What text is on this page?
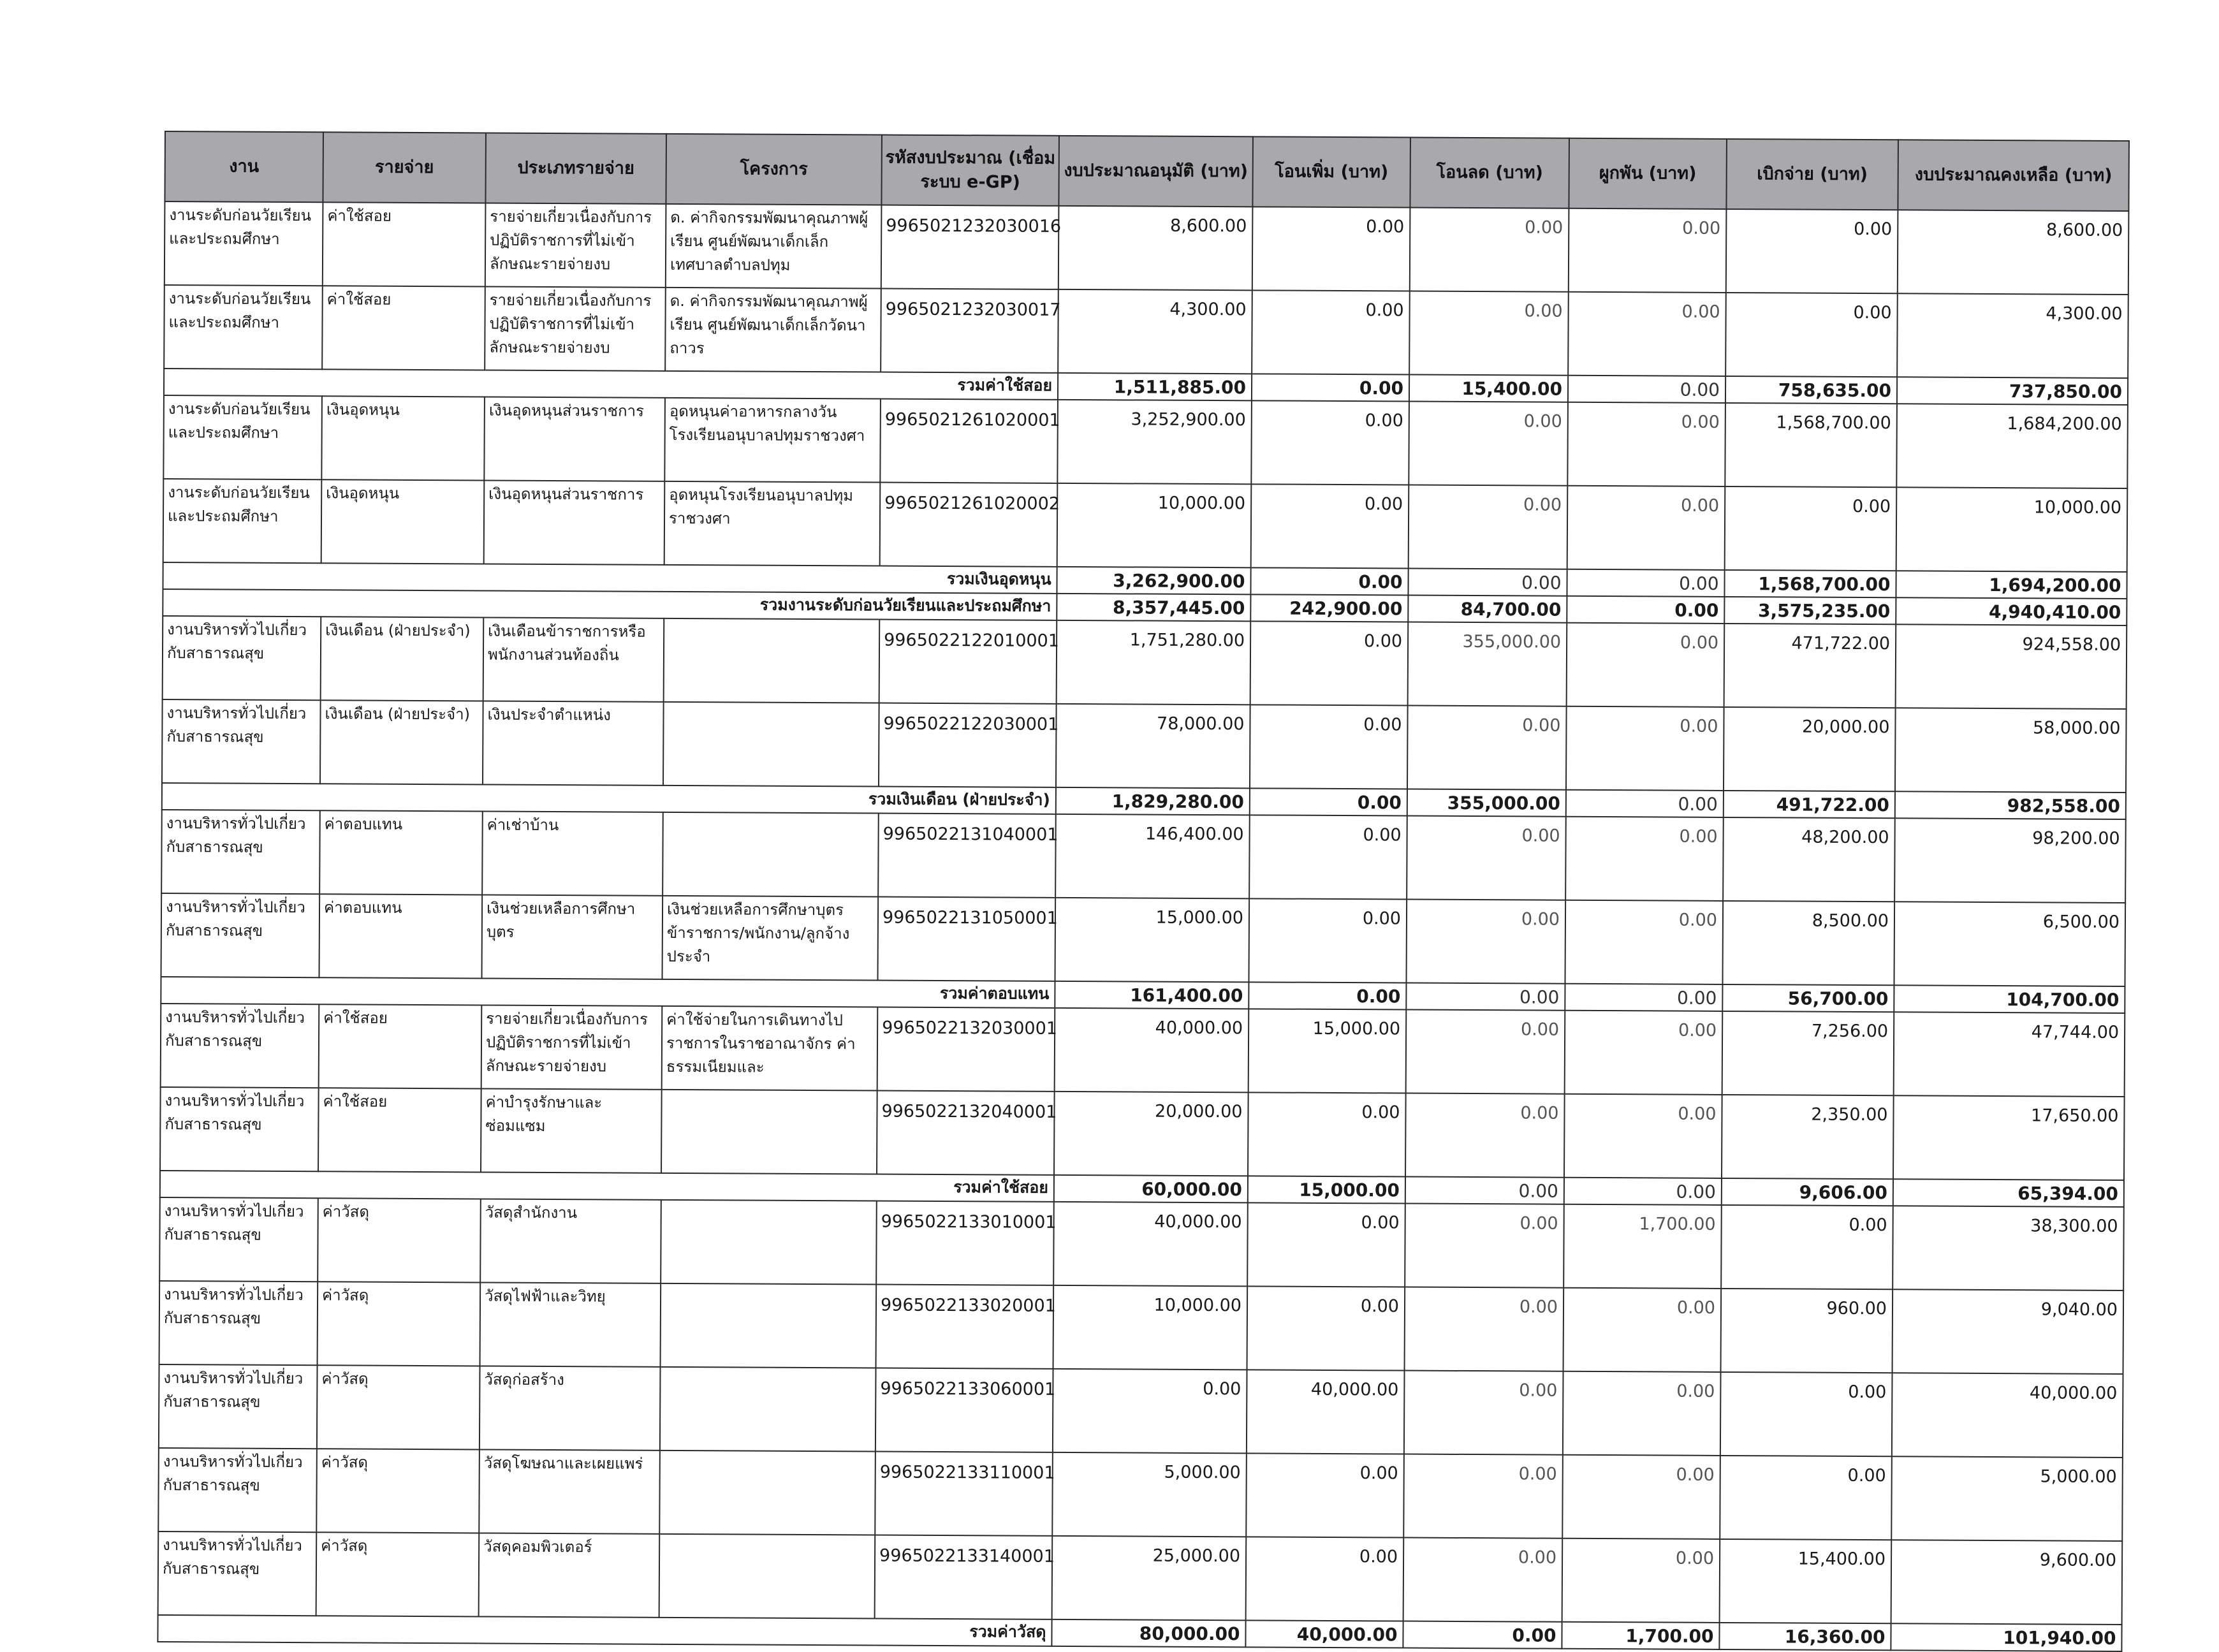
งาน	รายจ่าย	ประเภทรายจ่าย	โครงการ	รหัสงบประมาณ (เชื่อมระบบ e-GP)	งบประมาณอนุมัติ (บาท)	โอนเพิ่ม (บาท)	โอนลด (บาท)	ผูกพัน (บาท)	เบิกจ่าย (บาท)	งบประมาณคงเหลือ (บาท)
งานระดับก่อนวัยเรียนและประถมศึกษา	ค่าใช้สอย	รายจ่ายเกี่ยวเนื่องกับการปฏิบัติราชการที่ไม่เข้าลักษณะรายจ่ายงบ	ด. ค่ากิจกรรมพัฒนาคุณภาพผู้เรียน ศูนย์พัฒนาเด็กเล็กเทศบาลตำบลปทุม	9965021232030016	8,600.00	0.00	0.00	0.00	0.00	8,600.00
งานระดับก่อนวัยเรียนและประถมศึกษา	ค่าใช้สอย	รายจ่ายเกี่ยวเนื่องกับการปฏิบัติราชการที่ไม่เข้าลักษณะรายจ่ายงบ	ด. ค่ากิจกรรมพัฒนาคุณภาพผู้เรียน ศูนย์พัฒนาเด็กเล็กวัดนาถาวร	9965021232030017	4,300.00	0.00	0.00	0.00	0.00	4,300.00
รวมค่าใช้สอย					1,511,885.00	0.00	15,400.00	0.00	758,635.00	737,850.00
งานระดับก่อนวัยเรียนและประถมศึกษา	เงินอุดหนุน	เงินอุดหนุนส่วนราชการ	อุดหนุนค่าอาหารกลางวันโรงเรียนอนุบาลปทุมราชวงศา	9965021261020001	3,252,900.00	0.00	0.00	0.00	1,568,700.00	1,684,200.00
งานระดับก่อนวัยเรียนและประถมศึกษา	เงินอุดหนุน	เงินอุดหนุนส่วนราชการ	อุดหนุนโรงเรียนอนุบาลปทุมราชวงศา	9965021261020002	10,000.00	0.00	0.00	0.00	0.00	10,000.00
รวมเงินอุดหนุน					3,262,900.00	0.00	0.00	0.00	1,568,700.00	1,694,200.00
รวมงานระดับก่อนวัยเรียนและประถมศึกษา					8,357,445.00	242,900.00	84,700.00	0.00	3,575,235.00	4,940,410.00
งานบริหารทั่วไปเกี่ยวกับสาธารณสุข	เงินเดือน (ฝ่ายประจำ)	เงินเดือนข้าราชการหรือพนักงานส่วนท้องถิ่น		9965022122010001	1,751,280.00	0.00	355,000.00	0.00	471,722.00	924,558.00
งานบริหารทั่วไปเกี่ยวกับสาธารณสุข	เงินเดือน (ฝ่ายประจำ)	เงินประจำตำแหน่ง		9965022122030001	78,000.00	0.00	0.00	0.00	20,000.00	58,000.00
รวมเงินเดือน (ฝ่ายประจำ)					1,829,280.00	0.00	355,000.00	0.00	491,722.00	982,558.00
งานบริหารทั่วไปเกี่ยวกับสาธารณสุข	ค่าตอบแทน	ค่าเช่าบ้าน		9965022131040001	146,400.00	0.00	0.00	0.00	48,200.00	98,200.00
งานบริหารทั่วไปเกี่ยวกับสาธารณสุข	ค่าตอบแทน	เงินช่วยเหลือการศึกษาบุตร	เงินช่วยเหลือการศึกษาบุตรข้าราชการ/พนักงาน/ลูกจ้างประจำ	9965022131050001	15,000.00	0.00	0.00	0.00	8,500.00	6,500.00
รวมค่าตอบแทน					161,400.00	0.00	0.00	0.00	56,700.00	104,700.00
งานบริหารทั่วไปเกี่ยวกับสาธารณสุข	ค่าใช้สอย	รายจ่ายเกี่ยวเนื่องกับการปฏิบัติราชการที่ไม่เข้าลักษณะรายจ่ายงบ	ค่าใช้จ่ายในการเดินทางไปราชการในราชอาณาจักร ค่าธรรมเนียมและ	9965022132030001	40,000.00	15,000.00	0.00	0.00	7,256.00	47,744.00
งานบริหารทั่วไปเกี่ยวกับสาธารณสุข	ค่าใช้สอย	ค่าบำรุงรักษาและซ่อมแซม		9965022132040001	20,000.00	0.00	0.00	0.00	2,350.00	17,650.00
รวมค่าใช้สอย					60,000.00	15,000.00	0.00	0.00	9,606.00	65,394.00
งานบริหารทั่วไปเกี่ยวกับสาธารณสุข	ค่าวัสดุ	วัสดุสำนักงาน		9965022133010001	40,000.00	0.00	0.00	1,700.00	0.00	38,300.00
งานบริหารทั่วไปเกี่ยวกับสาธารณสุข	ค่าวัสดุ	วัสดุไฟฟ้าและวิทยุ		9965022133020001	10,000.00	0.00	0.00	0.00	960.00	9,040.00
งานบริหารทั่วไปเกี่ยวกับสาธารณสุข	ค่าวัสดุ	วัสดุก่อสร้าง		9965022133060001	0.00	40,000.00	0.00	0.00	0.00	40,000.00
งานบริหารทั่วไปเกี่ยวกับสาธารณสุข	ค่าวัสดุ	วัสดุโฆษณาและเผยแพร่		9965022133110001	5,000.00	0.00	0.00	0.00	0.00	5,000.00
งานบริหารทั่วไปเกี่ยวกับสาธารณสุข	ค่าวัสดุ	วัสดุคอมพิวเตอร์		9965022133140001	25,000.00	0.00	0.00	0.00	15,400.00	9,600.00
รวมค่าวัสดุ					80,000.00	40,000.00	0.00	1,700.00	16,360.00	101,940.00
